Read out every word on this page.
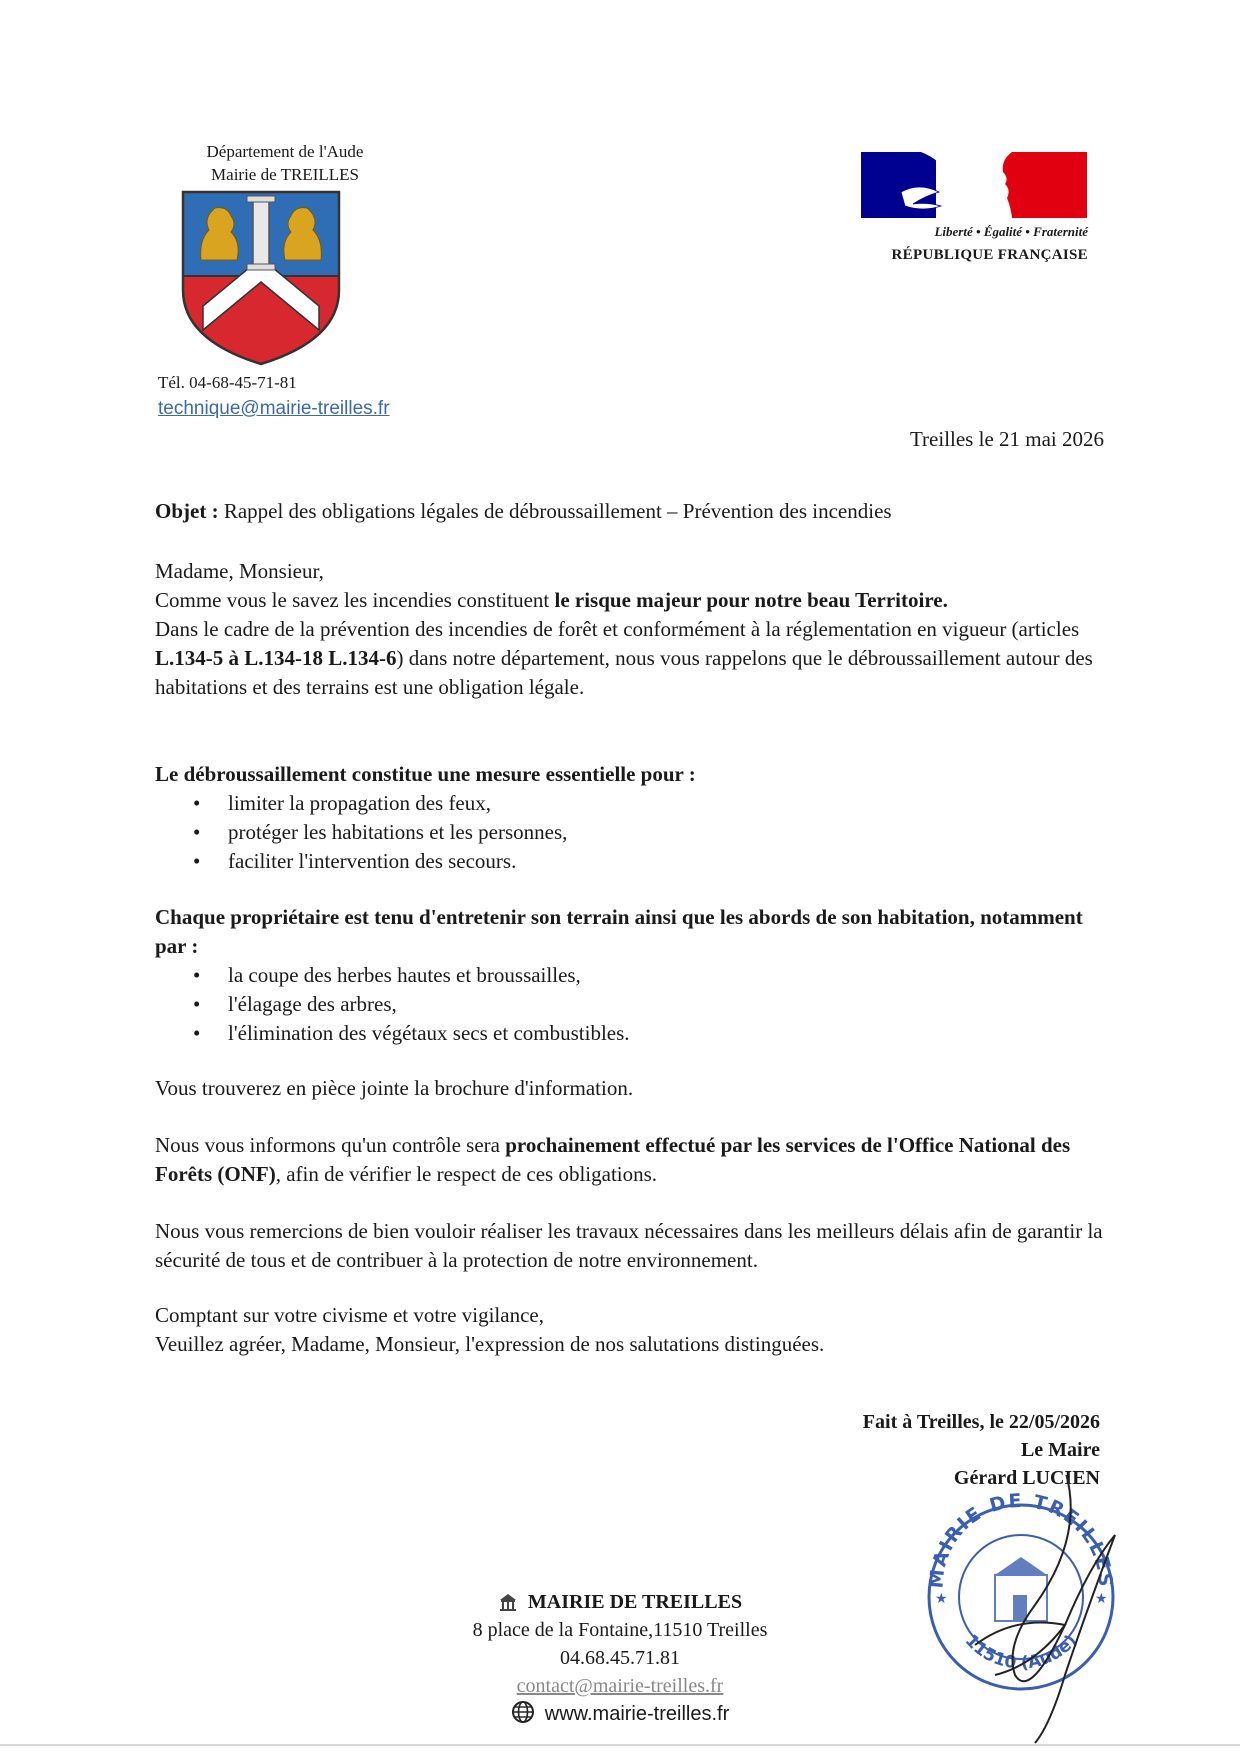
Département de l'Aude
Mairie de TREILLES
Tél. 04-68-45-71-81
technique@mairie-treilles.fr
Liberté • Égalité • Fraternité
RÉPUBLIQUE FRANÇAISE
Treilles le 21 mai 2026

Objet : Rappel des obligations légales de débroussaillement – Prévention des incendies

Madame, Monsieur,

Comme vous le savez les incendies constituent le risque majeur pour notre beau Territoire.

Dans le cadre de la prévention des incendies de forêt et conformément à la réglementation en vigueur (articles L.134-5 à L.134-18 L.134-6) dans notre département, nous vous rappelons que le débroussaillement autour des habitations et des terrains est une obligation légale.

Le débroussaillement constitue une mesure essentielle pour :

• limiter la propagation des feux,
• protéger les habitations et les personnes,
• faciliter l'intervention des secours.

Chaque propriétaire est tenu d'entretenir son terrain ainsi que les abords de son habitation, notamment par :

• la coupe des herbes hautes et broussailles,
• l'élagage des arbres,
• l'élimination des végétaux secs et combustibles.

Vous trouverez en pièce jointe la brochure d'information.

Nous vous informons qu'un contrôle sera prochainement effectué par les services de l'Office National des Forêts (ONF), afin de vérifier le respect de ces obligations.

Nous vous remercions de bien vouloir réaliser les travaux nécessaires dans les meilleurs délais afin de garantir la sécurité de tous et de contribuer à la protection de notre environnement.

Comptant sur votre civisme et votre vigilance,

Veuillez agréer, Madame, Monsieur, l'expression de nos salutations distinguées.

Fait à Treilles, le 22/05/2026
Le Maire
Gérard LUCIEN
MAIRIE DE TREILLES
11510 (Aude)
★	★
MAIRIE DE TREILLES
8 place de la Fontaine,11510 Treilles
04.68.45.71.81
contact@mairie-treilles.fr
www.mairie-treilles.fr
